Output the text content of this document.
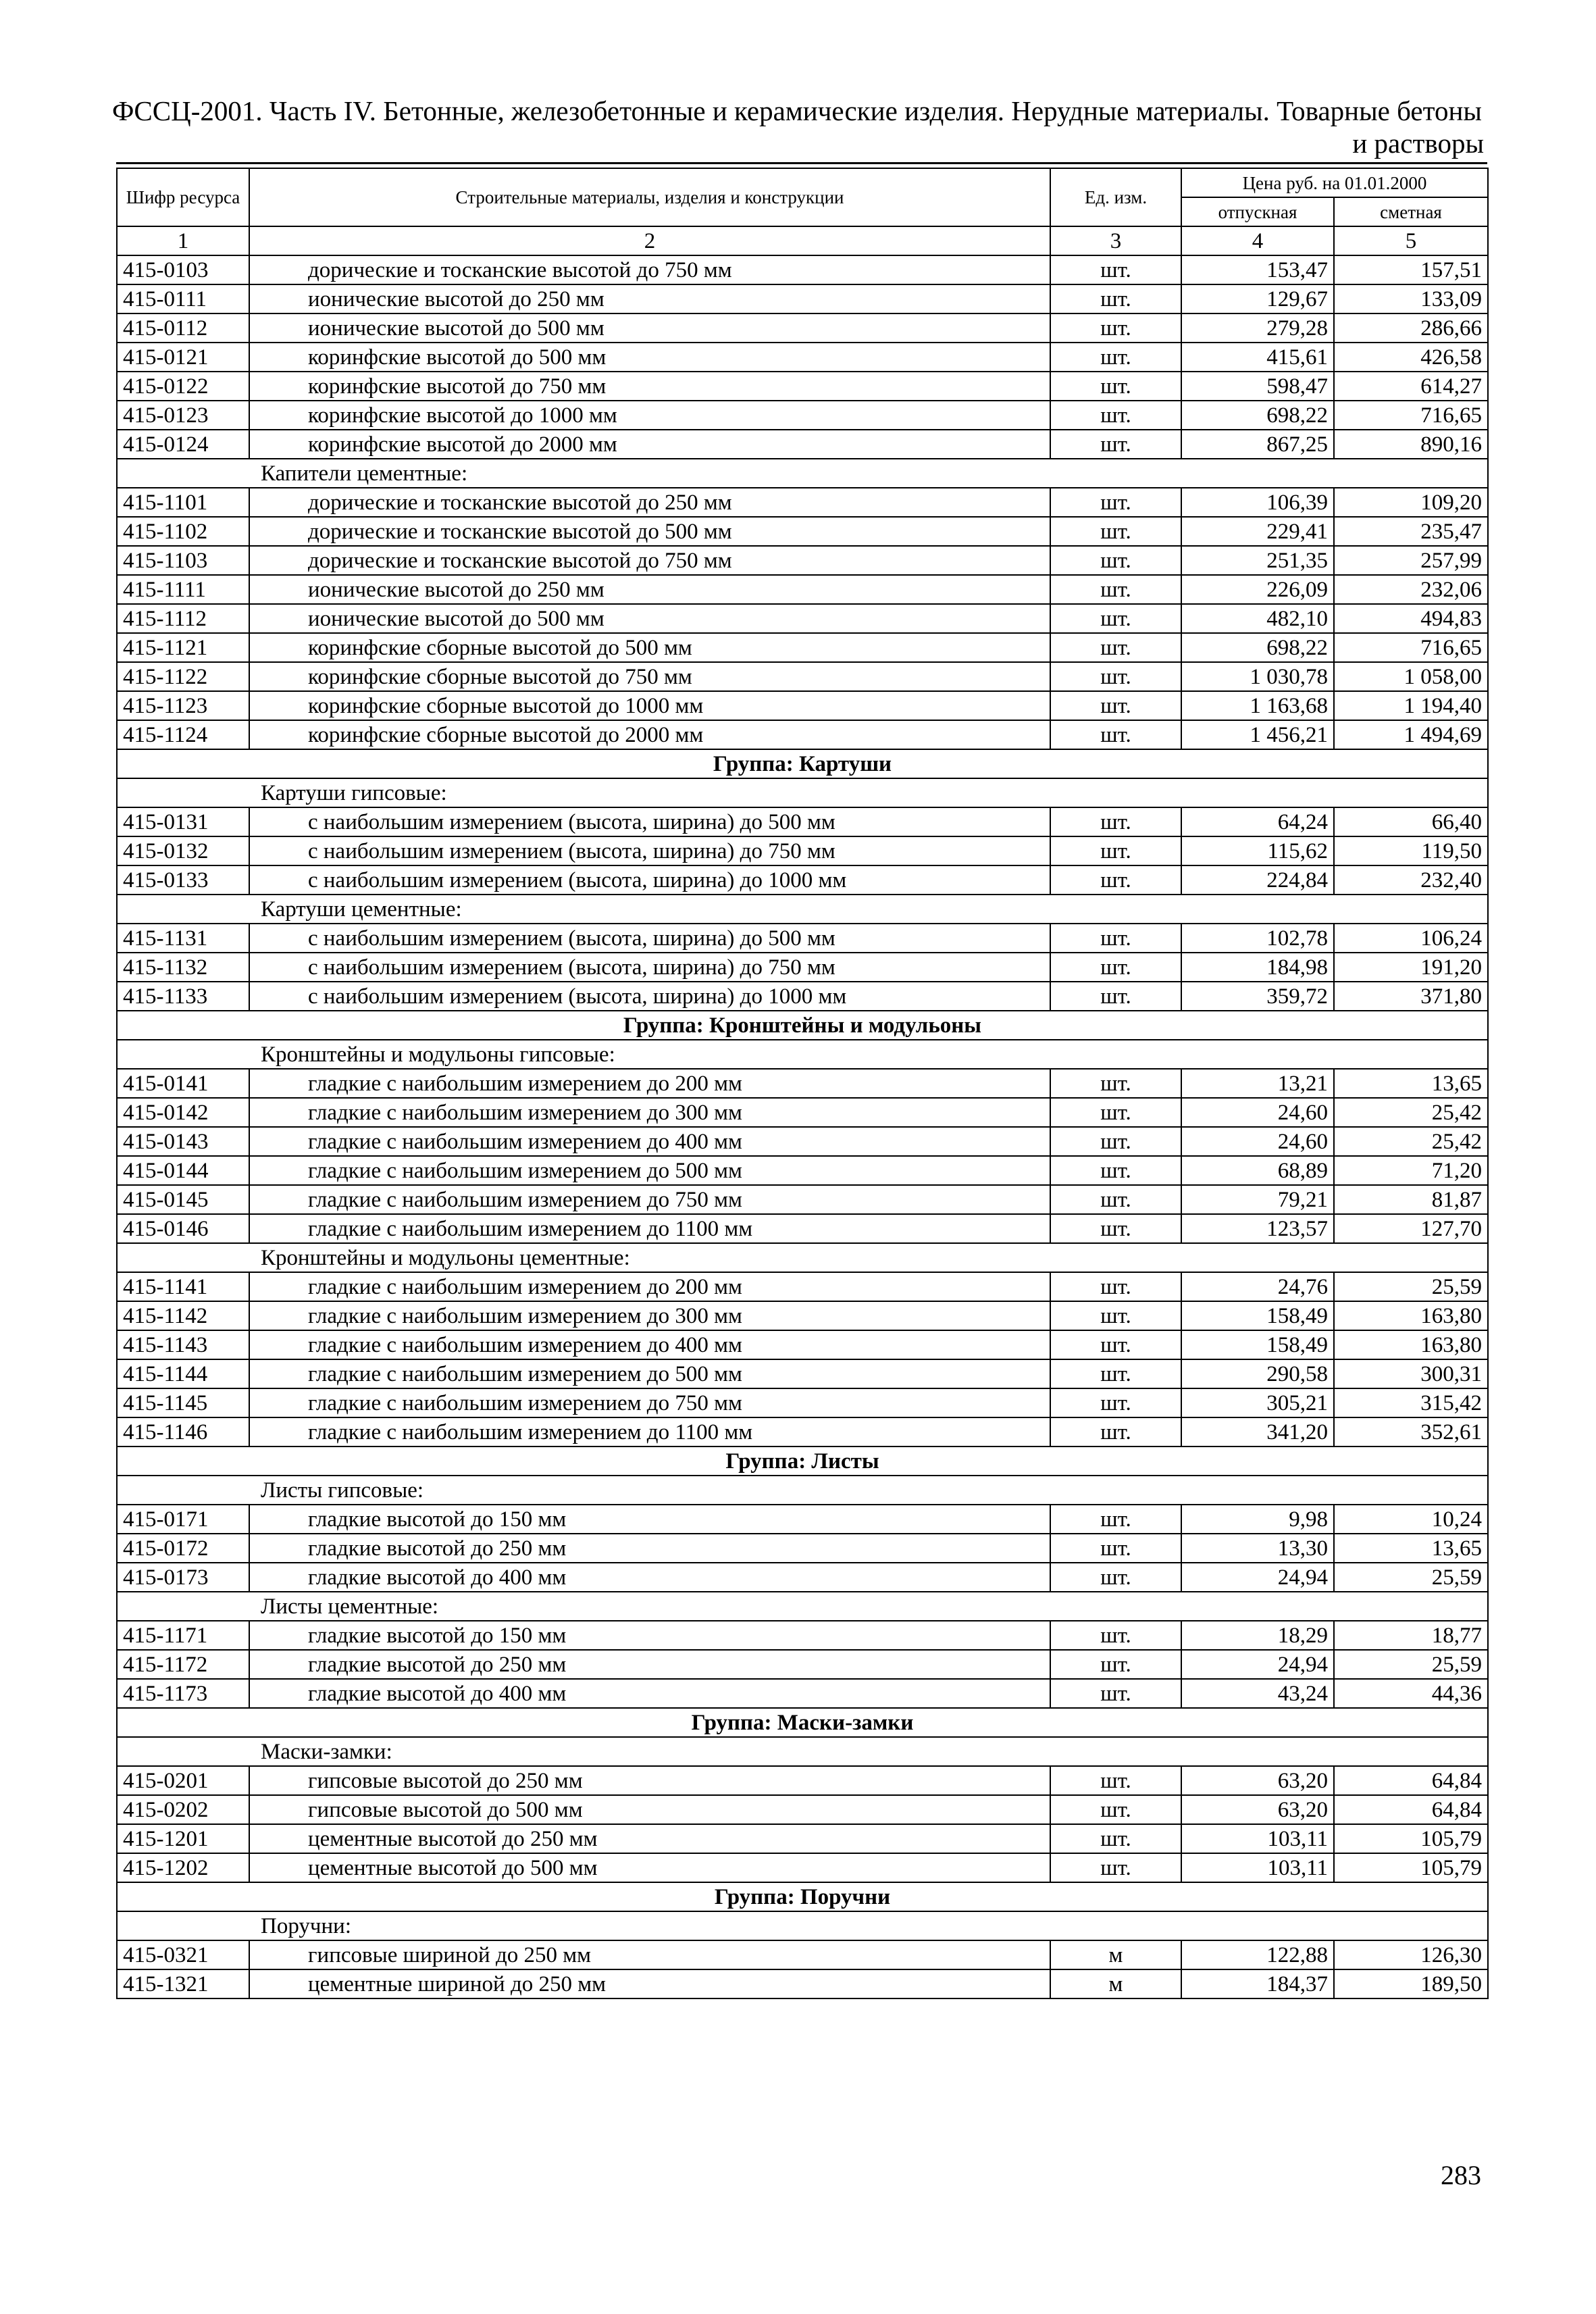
ФССЦ-2001. Часть IV. Бетонные, железобетонные и керамические изделия. Нерудные материалы. Товарные бетоны
и растворы
Шифр ресурса	Строительные материалы, изделия и конструкции	Ед. изм.	Цена руб. на 01.01.2000	
			отпускная	сметная
1	2	3	4	5
415-0103	дорические и тосканские высотой до 750 мм	шт.	153,47	157,51
415-0111	ионические высотой до 250 мм	шт.	129,67	133,09
415-0112	ионические высотой до 500 мм	шт.	279,28	286,66
415-0121	коринфские высотой до 500 мм	шт.	415,61	426,58
415-0122	коринфские высотой до 750 мм	шт.	598,47	614,27
415-0123	коринфские высотой до 1000 мм	шт.	698,22	716,65
415-0124	коринфские высотой до 2000 мм	шт.	867,25	890,16
Капители цементные:				
415-1101	дорические и тосканские высотой до 250 мм	шт.	106,39	109,20
415-1102	дорические и тосканские высотой до 500 мм	шт.	229,41	235,47
415-1103	дорические и тосканские высотой до 750 мм	шт.	251,35	257,99
415-1111	ионические высотой до 250 мм	шт.	226,09	232,06
415-1112	ионические высотой до 500 мм	шт.	482,10	494,83
415-1121	коринфские сборные высотой до 500 мм	шт.	698,22	716,65
415-1122	коринфские сборные высотой до 750 мм	шт.	1 030,78	1 058,00
415-1123	коринфские сборные высотой до 1000 мм	шт.	1 163,68	1 194,40
415-1124	коринфские сборные высотой до 2000 мм	шт.	1 456,21	1 494,69
Группа: Картуши				
Картуши гипсовые:				
415-0131	с наибольшим измерением (высота, ширина) до 500 мм	шт.	64,24	66,40
415-0132	с наибольшим измерением (высота, ширина) до 750 мм	шт.	115,62	119,50
415-0133	с наибольшим измерением (высота, ширина) до 1000 мм	шт.	224,84	232,40
Картуши цементные:				
415-1131	с наибольшим измерением (высота, ширина) до 500 мм	шт.	102,78	106,24
415-1132	с наибольшим измерением (высота, ширина) до 750 мм	шт.	184,98	191,20
415-1133	с наибольшим измерением (высота, ширина) до 1000 мм	шт.	359,72	371,80
Группа: Кронштейны и модульоны				
Кронштейны и модульоны гипсовые:				
415-0141	гладкие с наибольшим измерением до 200 мм	шт.	13,21	13,65
415-0142	гладкие с наибольшим измерением до 300 мм	шт.	24,60	25,42
415-0143	гладкие с наибольшим измерением до 400 мм	шт.	24,60	25,42
415-0144	гладкие с наибольшим измерением до 500 мм	шт.	68,89	71,20
415-0145	гладкие с наибольшим измерением до 750 мм	шт.	79,21	81,87
415-0146	гладкие с наибольшим измерением до 1100 мм	шт.	123,57	127,70
Кронштейны и модульоны цементные:				
415-1141	гладкие с наибольшим измерением до 200 мм	шт.	24,76	25,59
415-1142	гладкие с наибольшим измерением до 300 мм	шт.	158,49	163,80
415-1143	гладкие с наибольшим измерением до 400 мм	шт.	158,49	163,80
415-1144	гладкие с наибольшим измерением до 500 мм	шт.	290,58	300,31
415-1145	гладкие с наибольшим измерением до 750 мм	шт.	305,21	315,42
415-1146	гладкие с наибольшим измерением до 1100 мм	шт.	341,20	352,61
Группа: Листы				
Листы гипсовые:				
415-0171	гладкие высотой до 150 мм	шт.	9,98	10,24
415-0172	гладкие высотой до 250 мм	шт.	13,30	13,65
415-0173	гладкие высотой до 400 мм	шт.	24,94	25,59
Листы цементные:				
415-1171	гладкие высотой до 150 мм	шт.	18,29	18,77
415-1172	гладкие высотой до 250 мм	шт.	24,94	25,59
415-1173	гладкие высотой до 400 мм	шт.	43,24	44,36
Группа: Маски-замки				
Маски-замки:				
415-0201	гипсовые высотой до 250 мм	шт.	63,20	64,84
415-0202	гипсовые высотой до 500 мм	шт.	63,20	64,84
415-1201	цементные высотой до 250 мм	шт.	103,11	105,79
415-1202	цементные высотой до 500 мм	шт.	103,11	105,79
Группа: Поручни				
Поручни:				
415-0321	гипсовые шириной до 250 мм	м	122,88	126,30
415-1321	цементные шириной до 250 мм	м	184,37	189,50
283
